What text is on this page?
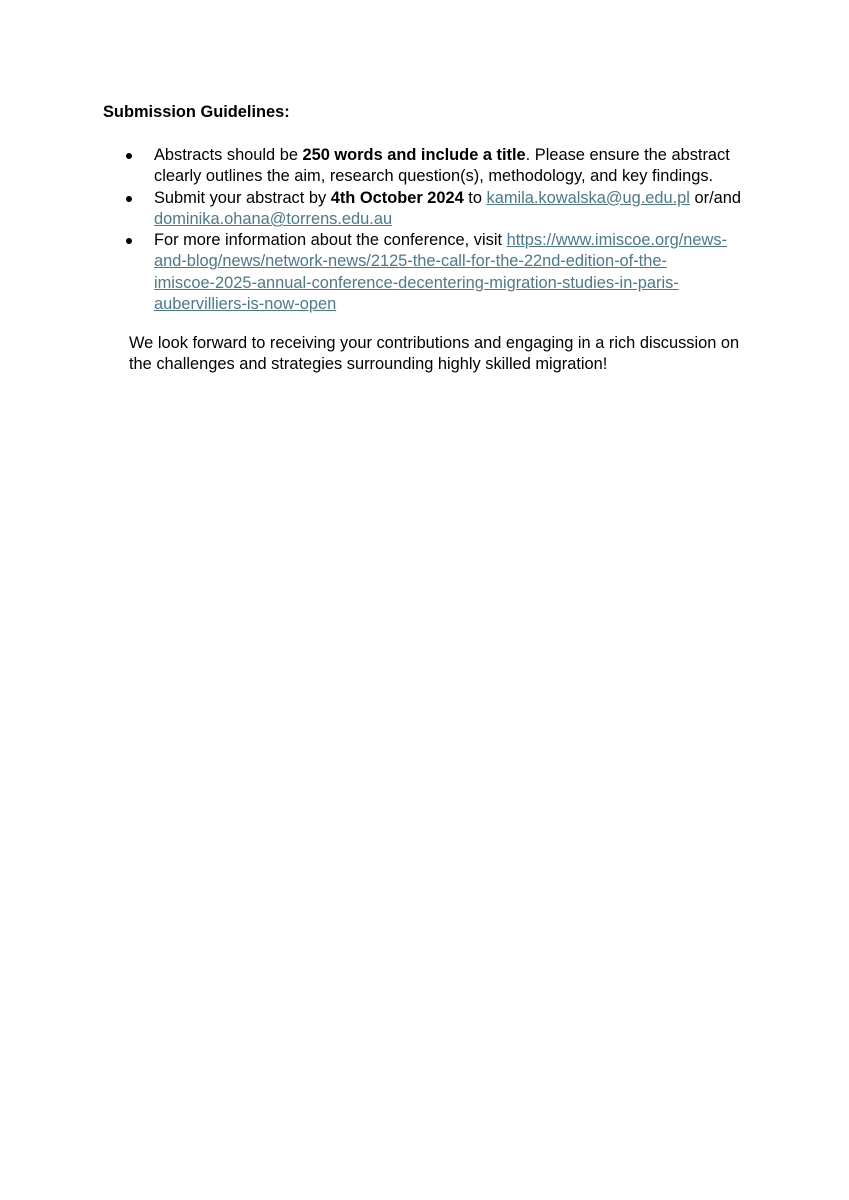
Submission Guidelines:
Abstracts should be 250 words and include a title. Please ensure the abstract
clearly outlines the aim, research question(s), methodology, and key findings.
Submit your abstract by 4th October 2024 to kamila.kowalska@ug.edu.pl or/and
dominika.ohana@torrens.edu.au
For more information about the conference, visit https://www.imiscoe.org/news-
and-blog/news/network-news/2125-the-call-for-the-22nd-edition-of-the-
imiscoe-2025-annual-conference-decentering-migration-studies-in-paris-
aubervilliers-is-now-open

We look forward to receiving your contributions and engaging in a rich discussion on
the challenges and strategies surrounding highly skilled migration!
